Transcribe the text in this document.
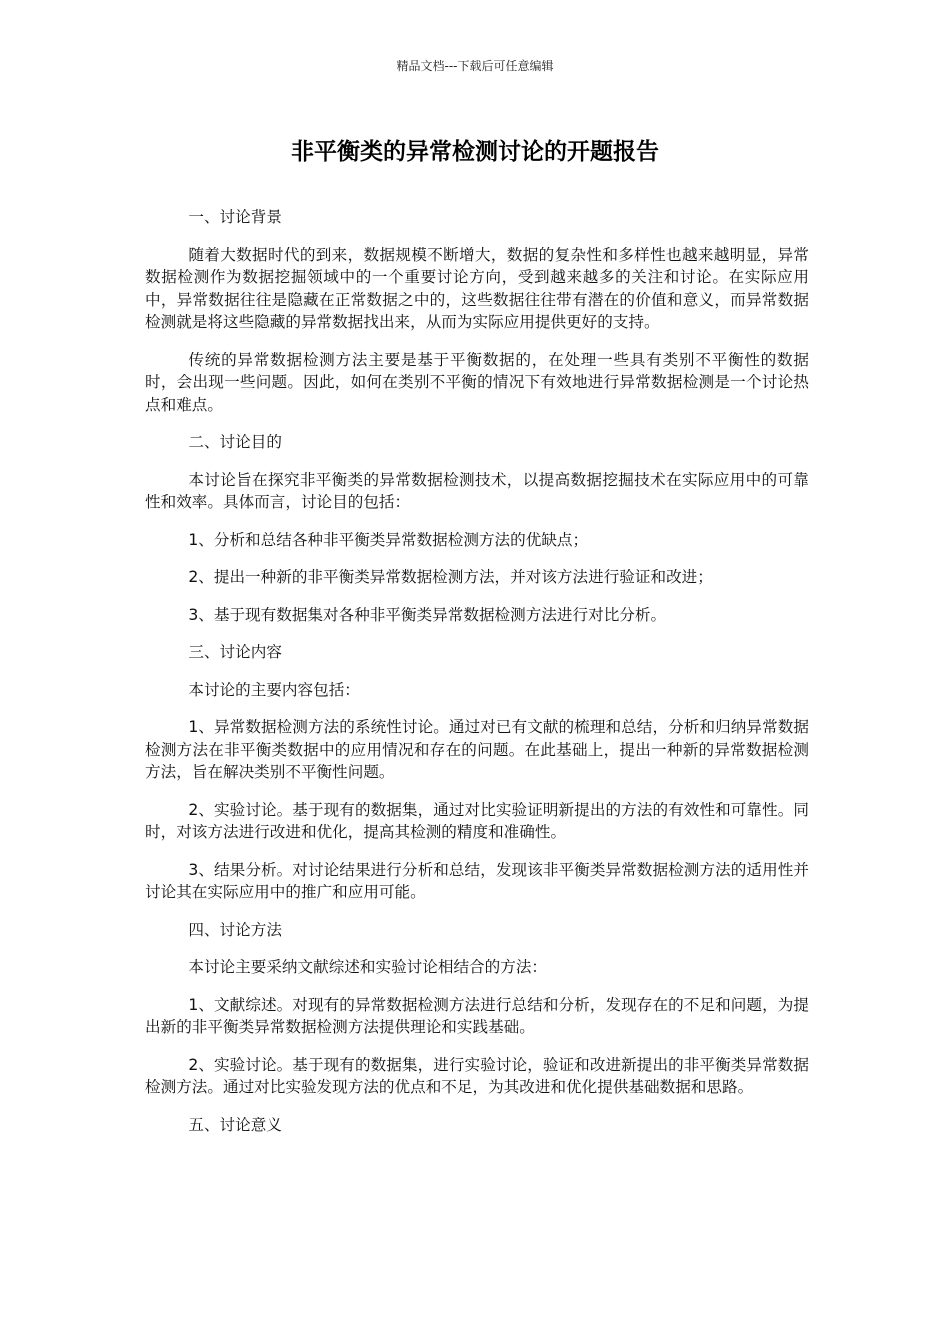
精品文档---下载后可任意编辑
非平衡类的异常检测讨论的开题报告

一、讨论背景

随着大数据时代的到来，数据规模不断增大，数据的复杂性和多样性也越来越明显，异常数据检测作为数据挖掘领域中的一个重要讨论方向，受到越来越多的关注和讨论。在实际应用中，异常数据往往是隐藏在正常数据之中的，这些数据往往带有潜在的价值和意义，而异常数据检测就是将这些隐藏的异常数据找出来，从而为实际应用提供更好的支持。

传统的异常数据检测方法主要是基于平衡数据的，在处理一些具有类别不平衡性的数据时，会出现一些问题。因此，如何在类别不平衡的情况下有效地进行异常数据检测是一个讨论热点和难点。

二、讨论目的

本讨论旨在探究非平衡类的异常数据检测技术，以提高数据挖掘技术在实际应用中的可靠性和效率。具体而言，讨论目的包括：

1、分析和总结各种非平衡类异常数据检测方法的优缺点；

2、提出一种新的非平衡类异常数据检测方法，并对该方法进行验证和改进；

3、基于现有数据集对各种非平衡类异常数据检测方法进行对比分析。

三、讨论内容

本讨论的主要内容包括：

1、异常数据检测方法的系统性讨论。通过对已有文献的梳理和总结，分析和归纳异常数据检测方法在非平衡类数据中的应用情况和存在的问题。在此基础上，提出一种新的异常数据检测方法，旨在解决类别不平衡性问题。

2、实验讨论。基于现有的数据集，通过对比实验证明新提出的方法的有效性和可靠性。同时，对该方法进行改进和优化，提高其检测的精度和准确性。

3、结果分析。对讨论结果进行分析和总结，发现该非平衡类异常数据检测方法的适用性并讨论其在实际应用中的推广和应用可能。

四、讨论方法

本讨论主要采纳文献综述和实验讨论相结合的方法：

1、文献综述。对现有的异常数据检测方法进行总结和分析，发现存在的不足和问题，为提出新的非平衡类异常数据检测方法提供理论和实践基础。

2、实验讨论。基于现有的数据集，进行实验讨论，验证和改进新提出的非平衡类异常数据检测方法。通过对比实验发现方法的优点和不足，为其改进和优化提供基础数据和思路。

五、讨论意义
